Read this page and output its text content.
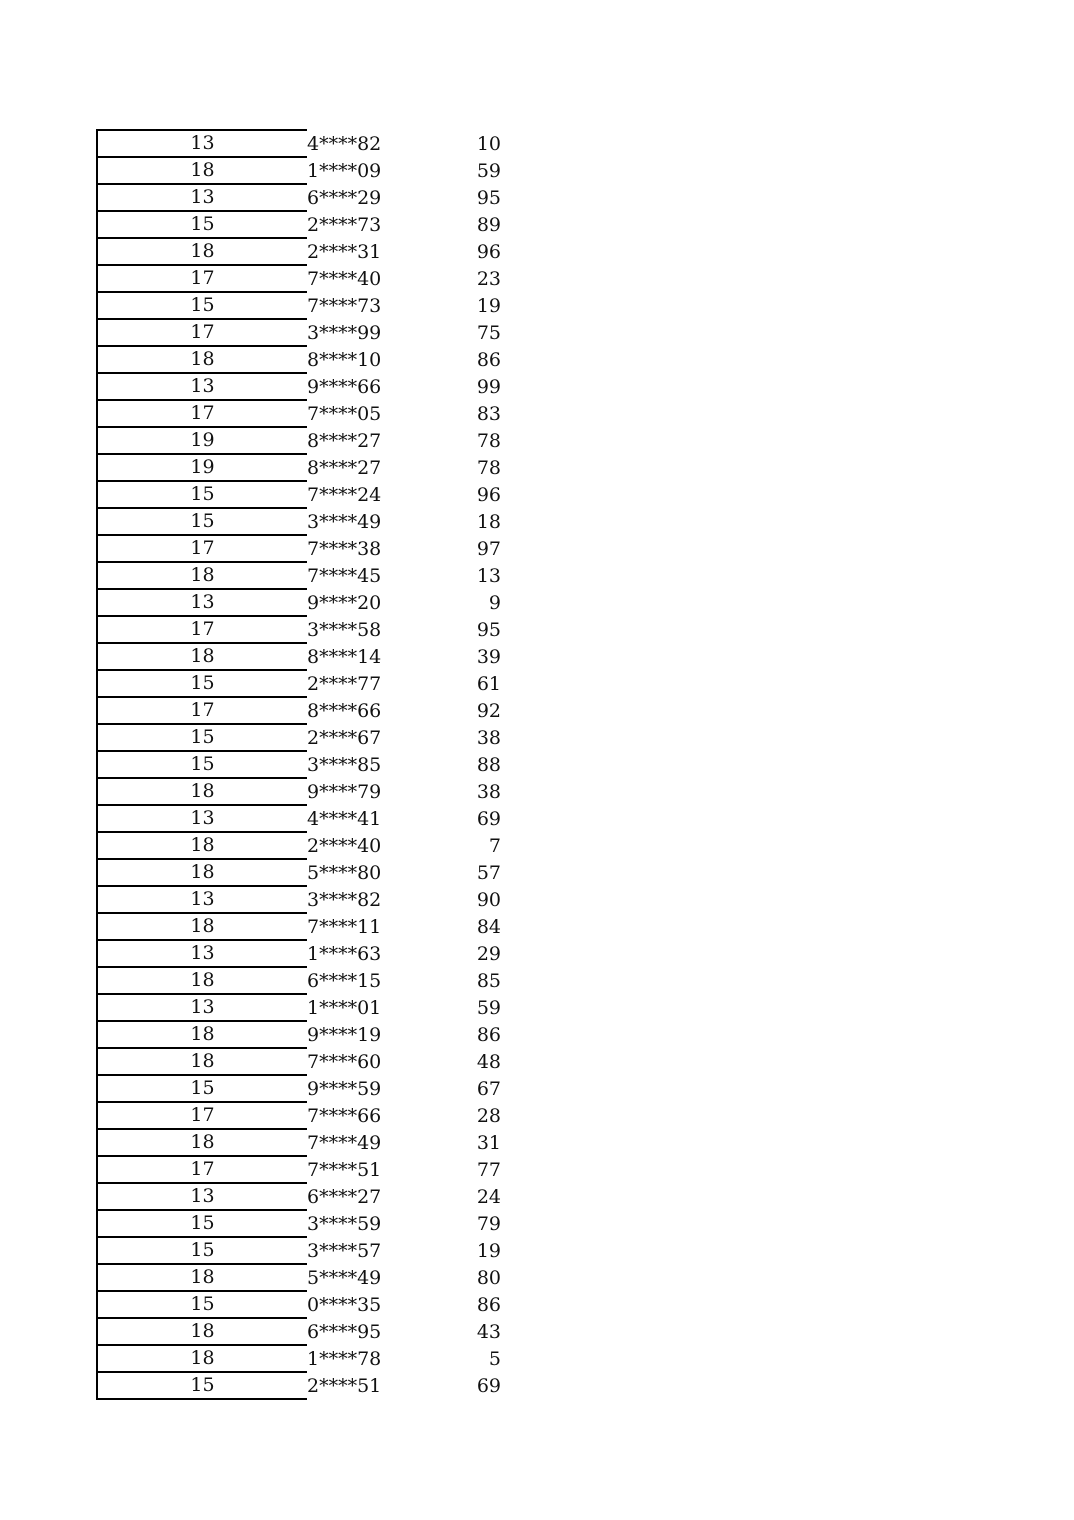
13	4****82	10
18	1****09	59
13	6****29	95
15	2****73	89
18	2****31	96
17	7****40	23
15	7****73	19
17	3****99	75
18	8****10	86
13	9****66	99
17	7****05	83
19	8****27	78
19	8****27	78
15	7****24	96
15	3****49	18
17	7****38	97
18	7****45	13
13	9****20	9
17	3****58	95
18	8****14	39
15	2****77	61
17	8****66	92
15	2****67	38
15	3****85	88
18	9****79	38
13	4****41	69
18	2****40	7
18	5****80	57
13	3****82	90
18	7****11	84
13	1****63	29
18	6****15	85
13	1****01	59
18	9****19	86
18	7****60	48
15	9****59	67
17	7****66	28
18	7****49	31
17	7****51	77
13	6****27	24
15	3****59	79
15	3****57	19
18	5****49	80
15	0****35	86
18	6****95	43
18	1****78	5
15	2****51	69
